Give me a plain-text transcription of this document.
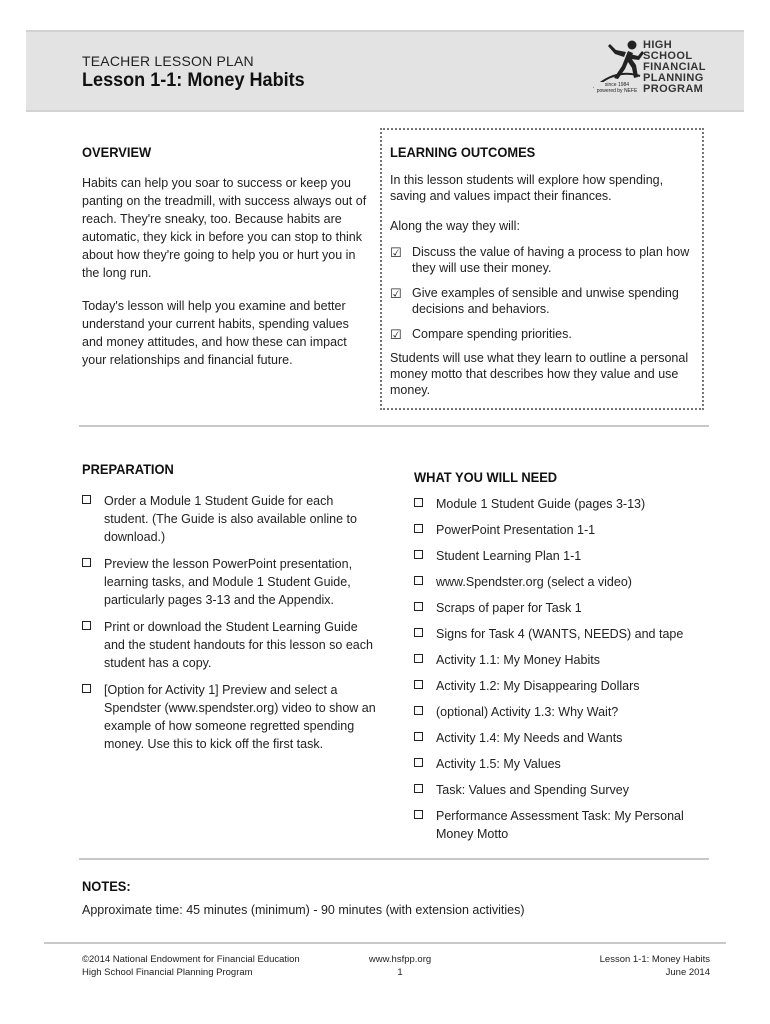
TEACHER LESSON PLAN
Lesson 1-1: Money Habits	since 1984
powered by NEFE
HIGH
SCHOOL
FINANCIAL
PLANNING
PROGRAM
OVERVIEW

Habits can help you soar to success or keep you panting on the treadmill, with success always out of reach. They're sneaky, too. Because habits are automatic, they kick in before you can stop to think about how they're going to help you or hurt you in the long run.

Today's lesson will help you examine and better understand your current habits, spending values and money attitudes, and how these can impact your relationships and financial future.

LEARNING OUTCOMES

In this lesson students will explore how spending, saving and values impact their finances.

Along the way they will:

☑ Discuss the value of having a process to plan how they will use their money.
☑ Give examples of sensible and unwise spending decisions and behaviors.
☑ Compare spending priorities.

Students will use what they learn to outline a personal money motto that describes how they value and use money.

PREPARATION
Order a Module 1 Student Guide for each student. (The Guide is also available online to download.)
Preview the lesson PowerPoint presentation, learning tasks, and Module 1 Student Guide, particularly pages 3-13 and the Appendix.
Print or download the Student Learning Guide and the student handouts for this lesson so each student has a copy.
[Option for Activity 1] Preview and select a Spendster (www.spendster.org) video to show an example of how someone regretted spending money. Use this to kick off the first task.
WHAT YOU WILL NEED
Module 1 Student Guide (pages 3-13)
PowerPoint Presentation 1-1
Student Learning Plan 1-1
www.Spendster.org (select a video)
Scraps of paper for Task 1
Signs for Task 4 (WANTS, NEEDS) and tape
Activity 1.1: My Money Habits
Activity 1.2: My Disappearing Dollars
(optional) Activity 1.3: Why Wait?
Activity 1.4: My Needs and Wants
Activity 1.5: My Values
Task: Values and Spending Survey
Performance Assessment Task: My Personal Money Motto
NOTES:
Approximate time: 45 minutes (minimum) - 90 minutes (with extension activities)
©2014 National Endowment for Financial Education
High School Financial Planning Program
www.hsfpp.org
1
Lesson 1-1: Money Habits
June 2014
